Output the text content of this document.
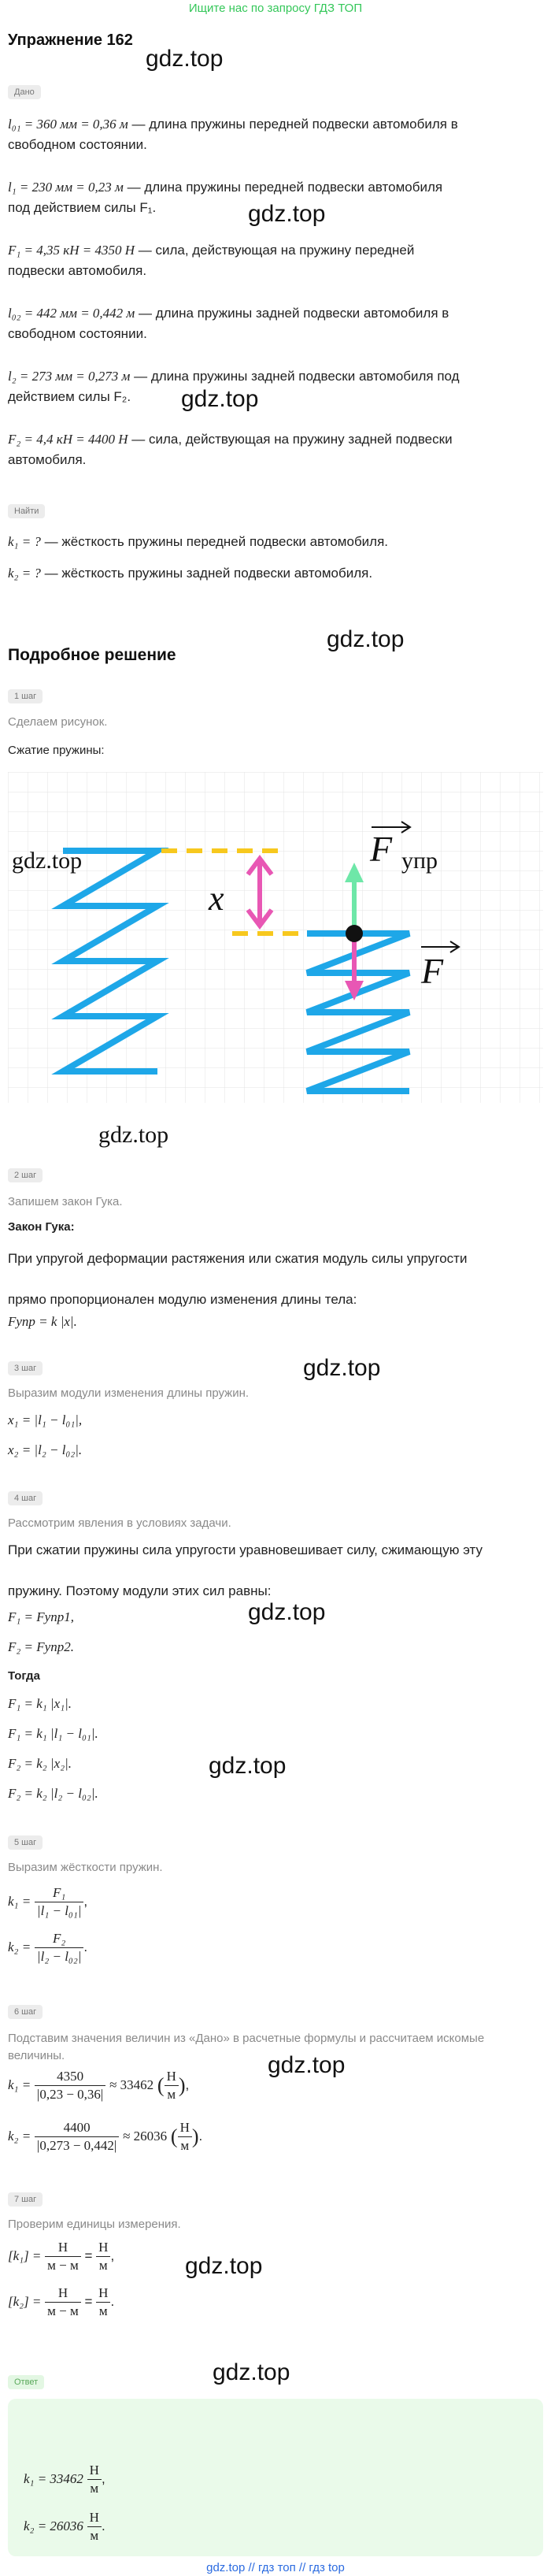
Ищите нас по запросу ГДЗ ТОП
Упражнение 162
gdz.top
gdz.top
gdz.top
gdz.top
gdz.top
gdz.top
gdz.top
gdz.top
gdz.top
gdz.top
Дано
l₀₁ = 360 мм = 0,36 м — длина пружины передней подвески автомобиля в
свободном состоянии.
l₁ = 230 мм = 0,23 м — длина пружины передней подвески автомобиля
под действием силы F₁.
F₁ = 4,35 кН = 4350 Н — сила, действующая на пружину передней
подвески автомобиля.
l₀₂ = 442 мм = 0,442 м — длина пружины задней подвески автомобиля в
свободном состоянии.
l₂ = 273 мм = 0,273 м — длина пружины задней подвески автомобиля под
действием силы F₂.
F₂ = 4,4 кН = 4400 Н — сила, действующая на пружину задней подвески
автомобиля.
Найти
k₁ = ? — жёсткость пружины передней подвески автомобиля.
k₂ = ? — жёсткость пружины задней подвески автомобиля.
Подробное решение
1 шаг
Сделаем рисунок.
Сжатие пружины:
x
F упр
F
gdz.top
gdz.top
2 шаг
Запишем закон Гука.
Закон Гука:
При упругой деформации растяжения или сжатия модуль силы упругости

прямо пропорционален модулю изменения длины тела:
Fупр = k |x|.
3 шаг
Выразим модули изменения длины пружин.
x₁ = |l₁ − l₀₁|,
x₂ = |l₂ − l₀₂|.
4 шаг
Рассмотрим явления в условиях задачи.
При сжатии пружины сила упругости уравновешивает силу, сжимающую эту

пружину. Поэтому модули этих сил равны:
F₁ = Fупр1,
F₂ = Fупр2.
Тогда
F₁ = k₁ |x₁|.
F₁ = k₁ |l₁ − l₀₁|.
F₂ = k₂ |x₂|.
F₂ = k₂ |l₂ − l₀₂|.
5 шаг
Выразим жёсткости пружин.
$k_1 = \frac{\text{F₁}}{\text{|l₁ − l₀₁|}}$ ,
$k_2 = \frac{\text{F₂}}{\text{|l₂ − l₀₂|}}$ .
6 шаг
Подставим значения величин из «Дано» в расчетные формулы и рассчитаем искомые
величины.
$k_1 = \frac{4350}{|0,23 - 0,36|} \approx 33462$ ( $\frac{Н}{м}$ ),
$k_2 = \frac{4400}{|0,273 - 0,442|} \approx 26036$ ( $\frac{Н}{м}$ ).
7 шаг
Проверим единицы измерения.
$[k_1] = \frac{Н}{м - м} = \frac{Н}{м}$ ,
$[k_2] = \frac{Н}{м - м} = \frac{Н}{м}$ .
Ответ
$k_1 = 33462 \frac{Н}{м}$ ,
$k_2 = 26036 \frac{Н}{м}$ .
gdz.top // гдз топ // гдз top
